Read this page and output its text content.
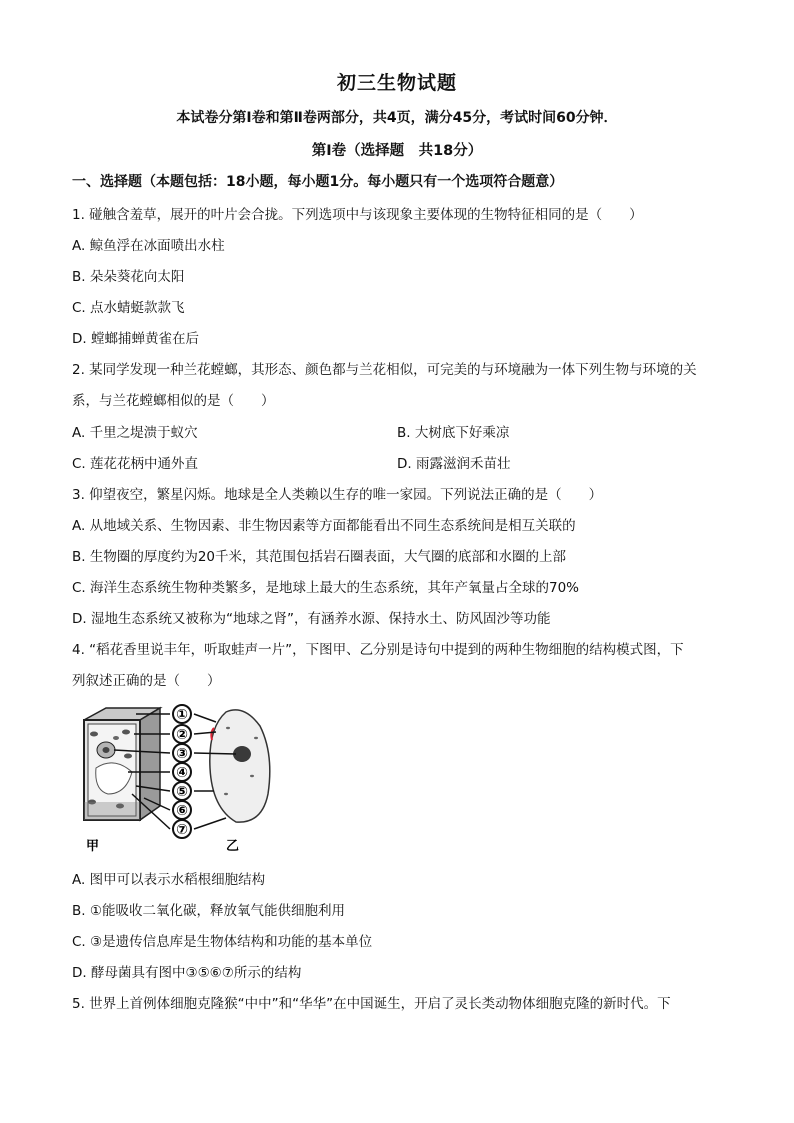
初三生物试题
本试卷分第Ⅰ卷和第Ⅱ卷两部分，共4页，满分45分，考试时间60分钟．
第Ⅰ卷（选择题　共18分）
一、选择题（本题包括：18小题，每小题1分。每小题只有一个选项符合题意）
1. 碰触含羞草，展开的叶片会合拢。下列选项中与该现象主要体现的生物特征相同的是（　　）
A. 鲸鱼浮在冰面喷出水柱
B. 朵朵葵花向太阳
C. 点水蜻蜓款款飞
D. 螳螂捕蝉黄雀在后
2. 某同学发现一种兰花螳螂，其形态、颜色都与兰花相似，可完美的与环境融为一体下列生物与环境的关
系，与兰花螳螂相似的是（　　）
A. 千里之堤溃于蚁穴	B. 大树底下好乘凉
C. 莲花花柄中通外直	D. 雨露滋润禾苗壮
3. 仰望夜空，繁星闪烁。地球是全人类赖以生存的唯一家园。下列说法正确的是（　　）
A. 从地域关系、生物因素、非生物因素等方面都能看出不同生态系统间是相互关联的
B. 生物圈的厚度约为20千米，其范围包括岩石圈表面，大气圈的底部和水圈的上部
C. 海洋生态系统生物种类繁多，是地球上最大的生态系统，其年产氧量占全球的70%
D. 湿地生态系统又被称为“地球之肾”，有涵养水源、保持水土、防风固沙等功能
4. “稻花香里说丰年，听取蛙声一片”，下图甲、乙分别是诗句中提到的两种生物细胞的结构模式图，下
列叙述正确的是（　　）
①
②
③
④
⑤
⑥
⑦
甲	乙
A. 图甲可以表示水稻根细胞结构
B. ①能吸收二氧化碳，释放氧气能供细胞利用
C. ③是遗传信息库是生物体结构和功能的基本单位
D. 酵母菌具有图中③⑤⑥⑦所示的结构
5. 世界上首例体细胞克隆猴“中中”和“华华”在中国诞生，开启了灵长类动物体细胞克隆的新时代。下
